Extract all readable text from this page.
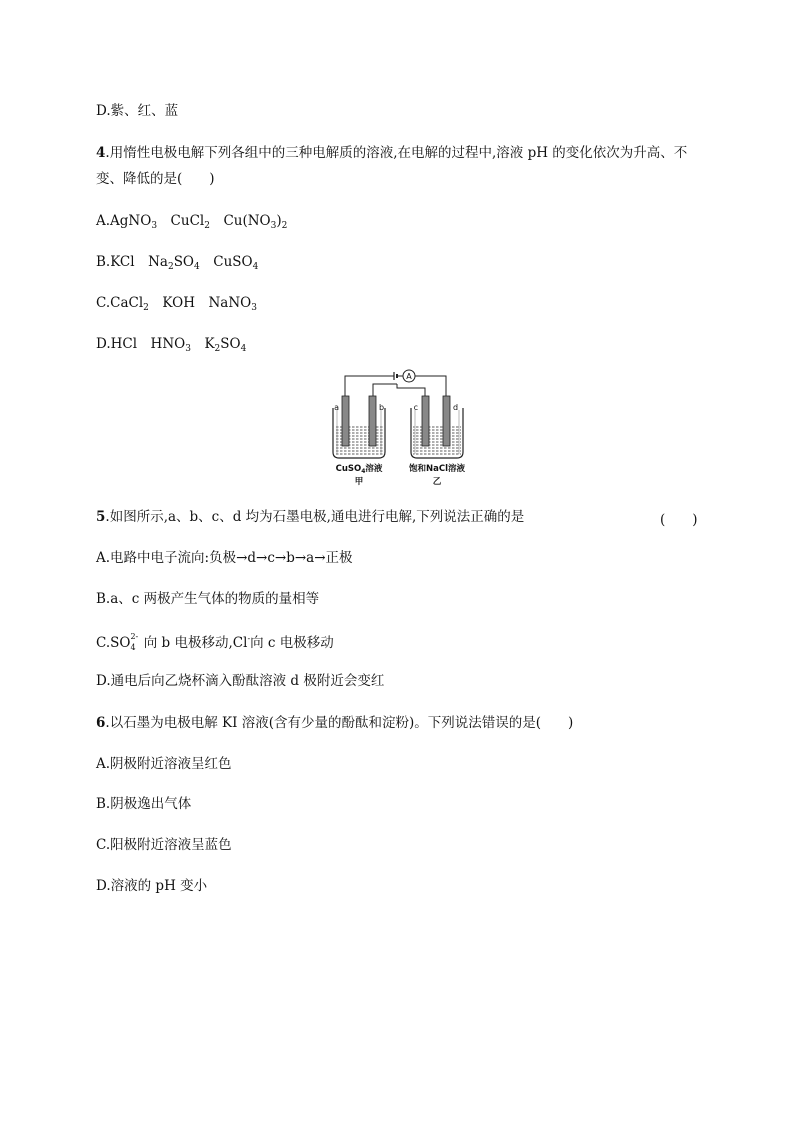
D.紫、红、蓝
4.用惰性电极电解下列各组中的三种电解质的溶液,在电解的过程中,溶液 pH 的变化依次为升高、不
变、降低的是(　　)
A.AgNO$_3$　CuCl$_2$　$Cu(NO_3)_2$
B.KCl　$Na_2SO_4$　CuSO$_4$
C.CaCl$_2$　KOH　NaNO$_3$
D.HCl　$HNO_3$　$K_2SO_4$
A
a	b	c	d
CuSO$_4$溶液
甲
饱和NaCl溶液
乙
5.如图所示,a、b、c、d 均为石墨电极,通电进行电解,下列说法正确的是	(　　)
A.电路中电子流向:负极→d→c→b→a→正极
B.a、c 两极产生气体的物质的量相等
C.SO 2-
4 向 b 电极移动,Cl-向 c 电极移动
D.通电后向乙烧杯滴入酚酞溶液 d 极附近会变红
6.以石墨为电极电解 KI 溶液(含有少量的酚酞和淀粉)。下列说法错误的是(　　)
A.阴极附近溶液呈红色
B.阴极逸出气体
C.阳极附近溶液呈蓝色
D.溶液的 pH 变小
